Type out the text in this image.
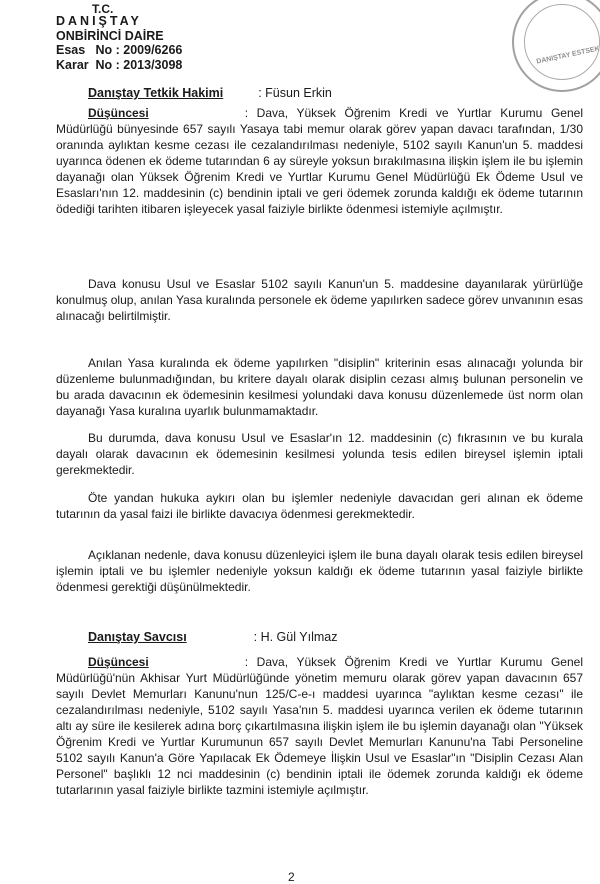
T.C.
DANIŞTAY
ONBİRİNCİ DAİRE
Esas No : 2009/6266
Karar No : 2013/3098	DANIŞTAY ESTSEK
Danıştay Tetkik Hakimi	: Füsun Erkin

Düşüncesi	: Dava, Yüksek Öğrenim Kredi ve Yurtlar Kurumu Genel Müdürlüğü bünyesinde 657 sayılı Yasaya tabi memur olarak görev yapan davacı tarafından, 1/30 oranında aylıktan kesme cezası ile cezalandırılması nedeniyle, 5102 sayılı Kanun'un 5. maddesi uyarınca ödenen ek ödeme tutarından 6 ay süreyle yoksun bırakılmasına ilişkin işlem ile bu işlemin dayanağı olan Yüksek Öğrenim Kredi ve Yurtlar Kurumu Genel Müdürlüğü Ek Ödeme Usul ve Esasları'nın 12. maddesinin (c) bendinin iptali ve geri ödemek zorunda kaldığı ek ödeme tutarının ödediği tarihten itibaren işleyecek yasal faiziyle birlikte ödenmesi istemiyle açılmıştır.

Dava konusu Usul ve Esaslar 5102 sayılı Kanun'un 5. maddesine dayanılarak yürürlüğe konulmuş olup, anılan Yasa kuralında personele ek ödeme yapılırken sadece görev unvanının esas alınacağı belirtilmiştir.

Anılan Yasa kuralında ek ödeme yapılırken "disiplin" kriterinin esas alınacağı yolunda bir düzenleme bulunmadığından, bu kritere dayalı olarak disiplin cezası almış bulunan personelin ve bu arada davacının ek ödemesinin kesilmesi yolundaki dava konusu düzenlemede üst norm olan dayanağı Yasa kuralına uyarlık bulunmamaktadır.

Bu durumda, dava konusu Usul ve Esaslar'ın 12. maddesinin (c) fıkrasının ve bu kurala dayalı olarak davacının ek ödemesinin kesilmesi yolunda tesis edilen bireysel işlemin iptali gerekmektedir.

Öte yandan hukuka aykırı olan bu işlemler nedeniyle davacıdan geri alınan ek ödeme tutarının da yasal faizi ile birlikte davacıya ödenmesi gerekmektedir.

Açıklanan nedenle, dava konusu düzenleyici işlem ile buna dayalı olarak tesis edilen bireysel işlemin iptali ve bu işlemler nedeniyle yoksun kaldığı ek ödeme tutarının yasal faiziyle birlikte ödenmesi gerektiği düşünülmektedir.

Danıştay Savcısı	: H. Gül Yılmaz

Düşüncesi	: Dava, Yüksek Öğrenim Kredi ve Yurtlar Kurumu Genel Müdürlüğü'nün Akhisar Yurt Müdürlüğünde yönetim memuru olarak görev yapan davacının 657 sayılı Devlet Memurları Kanunu'nun 125/C-e-ı maddesi uyarınca "aylıktan kesme cezası" ile cezalandırılması nedeniyle, 5102 sayılı Yasa'nın 5. maddesi uyarınca verilen ek ödeme tutarının altı ay süre ile kesilerek adına borç çıkartılmasına ilişkin işlem ile bu işlemin dayanağı olan "Yüksek Öğrenim Kredi ve Yurtlar Kurumunun 657 sayılı Devlet Memurları Kanunu'na Tabi Personeline 5102 sayılı Kanun'a Göre Yapılacak Ek Ödemeye İlişkin Usul ve Esaslar"ın "Disiplin Cezası Alan Personel" başlıklı 12 nci maddesinin (c) bendinin iptali ile ödemek zorunda kaldığı ek ödeme tutarlarının yasal faiziyle birlikte tazmini istemiyle açılmıştır.

2
